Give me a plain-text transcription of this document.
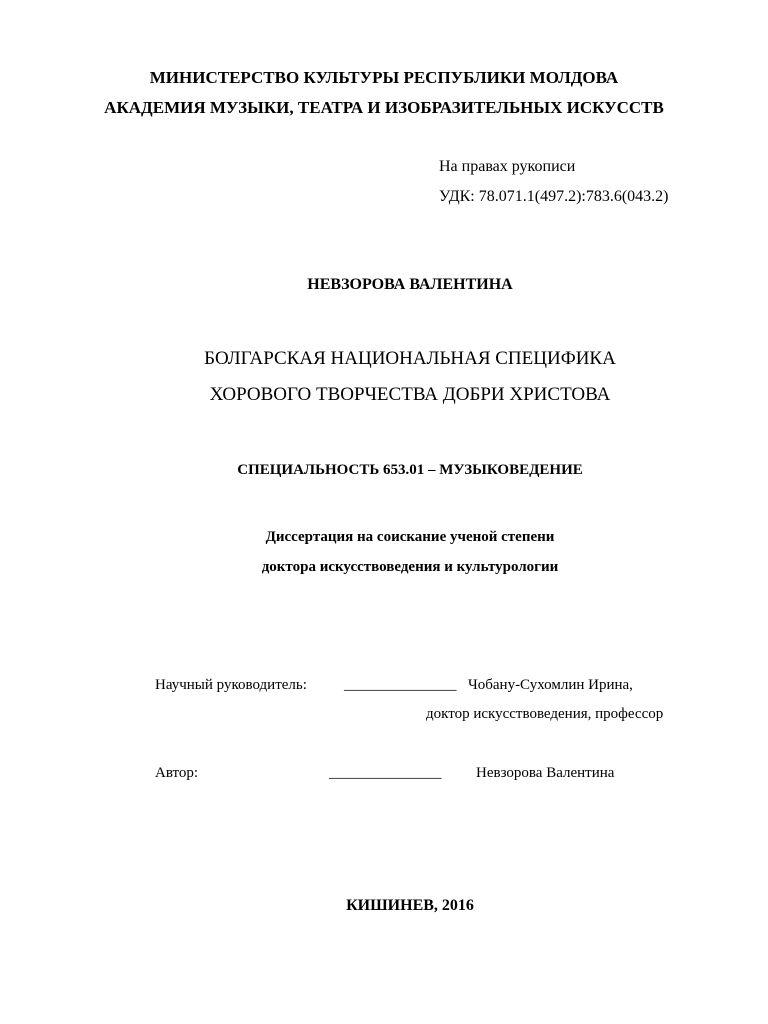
МИНИСТЕРСТВО КУЛЬТУРЫ РЕСПУБЛИКИ МОЛДОВА
АКАДЕМИЯ МУЗЫКИ, ТЕАТРА И ИЗОБРАЗИТЕЛЬНЫХ ИСКУССТВ
На правах рукописи
УДК: 78.071.1(497.2):783.6(043.2)
НЕВЗОРОВА ВАЛЕНТИНА
БОЛГАРСКАЯ НАЦИОНАЛЬНАЯ СПЕЦИФИКА
ХОРОВОГО ТВОРЧЕСТВА ДОБРИ ХРИСТОВА
СПЕЦИАЛЬНОСТЬ 653.01 – МУЗЫКОВЕДЕНИЕ
Диссертация на соискание ученой степени
доктора искусствоведения и культурологии
Научный руководитель: _______________ Чобану-Сухомлин Ирина,
доктор искусствоведения, профессор
Автор:	_______________ Невзорова Валентина
КИШИНЕВ, 2016
